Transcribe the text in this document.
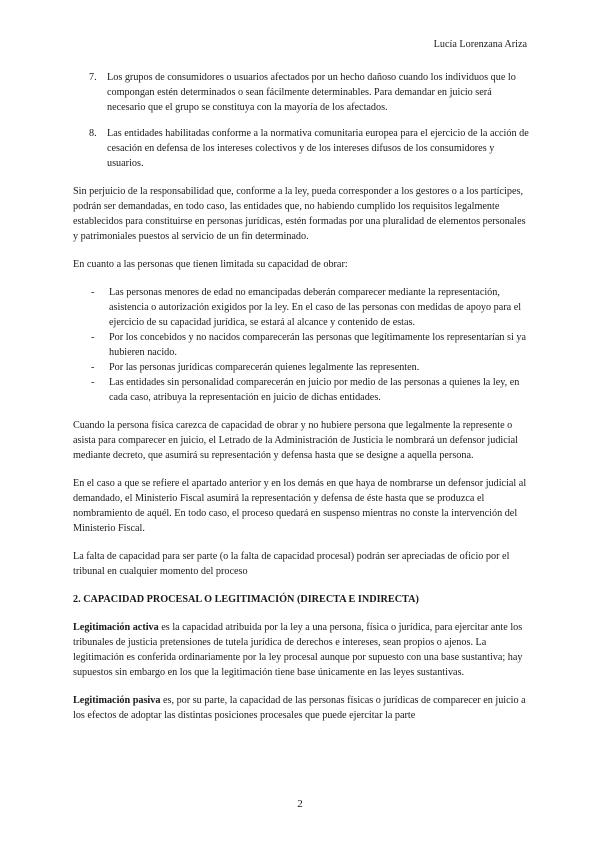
Lucía Lorenzana Ariza
7.	Los grupos de consumidores o usuarios afectados por un hecho dañoso cuando los individuos que lo compongan estén determinados o sean fácilmente determinables. Para demandar en juicio será necesario que el grupo se constituya con la mayoría de los afectados.
8.	Las entidades habilitadas conforme a la normativa comunitaria europea para el ejercicio de la acción de cesación en defensa de los intereses colectivos y de los intereses difusos de los consumidores y usuarios.

Sin perjuicio de la responsabilidad que, conforme a la ley, pueda corresponder a los gestores o a los partícipes, podrán ser demandadas, en todo caso, las entidades que, no habiendo cumplido los requisitos legalmente establecidos para constituirse en personas jurídicas, estén formadas por una pluralidad de elementos personales y patrimoniales puestos al servicio de un fin determinado.

En cuanto a las personas que tienen limitada su capacidad de obrar:

-	Las personas menores de edad no emancipadas deberán comparecer mediante la representación, asistencia o autorización exigidos por la ley. En el caso de las personas con medidas de apoyo para el ejercicio de su capacidad jurídica, se estará al alcance y contenido de estas.
-	Por los concebidos y no nacidos comparecerán las personas que legítimamente los representarían si ya hubieren nacido.
-	Por las personas jurídicas comparecerán quienes legalmente las representen.
-	Las entidades sin personalidad comparecerán en juicio por medio de las personas a quienes la ley, en cada caso, atribuya la representación en juicio de dichas entidades.

Cuando la persona física carezca de capacidad de obrar y no hubiere persona que legalmente la represente o asista para comparecer en juicio, el Letrado de la Administración de Justicia le nombrará un defensor judicial mediante decreto, que asumirá su representación y defensa hasta que se designe a aquella persona.

En el caso a que se refiere el apartado anterior y en los demás en que haya de nombrarse un defensor judicial al demandado, el Ministerio Fiscal asumirá la representación y defensa de éste hasta que se produzca el nombramiento de aquél. En todo caso, el proceso quedará en suspenso mientras no conste la intervención del Ministerio Fiscal.

La falta de capacidad para ser parte (o la falta de capacidad procesal) podrán ser apreciadas de oficio por el tribunal en cualquier momento del proceso

2. CAPACIDAD PROCESAL O LEGITIMACIÓN (DIRECTA E INDIRECTA)

Legitimación activa es la capacidad atribuida por la ley a una persona, física o jurídica, para ejercitar ante los tribunales de justicia pretensiones de tutela jurídica de derechos e intereses, sean propios o ajenos. La legitimación es conferida ordinariamente por la ley procesal aunque por supuesto con una base sustantiva; hay supuestos sin embargo en los que la legitimación tiene base únicamente en las leyes sustantivas.

Legitimación pasiva es, por su parte, la capacidad de las personas físicas o jurídicas de comparecer en juicio a los efectos de adoptar las distintas posiciones procesales que puede ejercitar la parte

2
